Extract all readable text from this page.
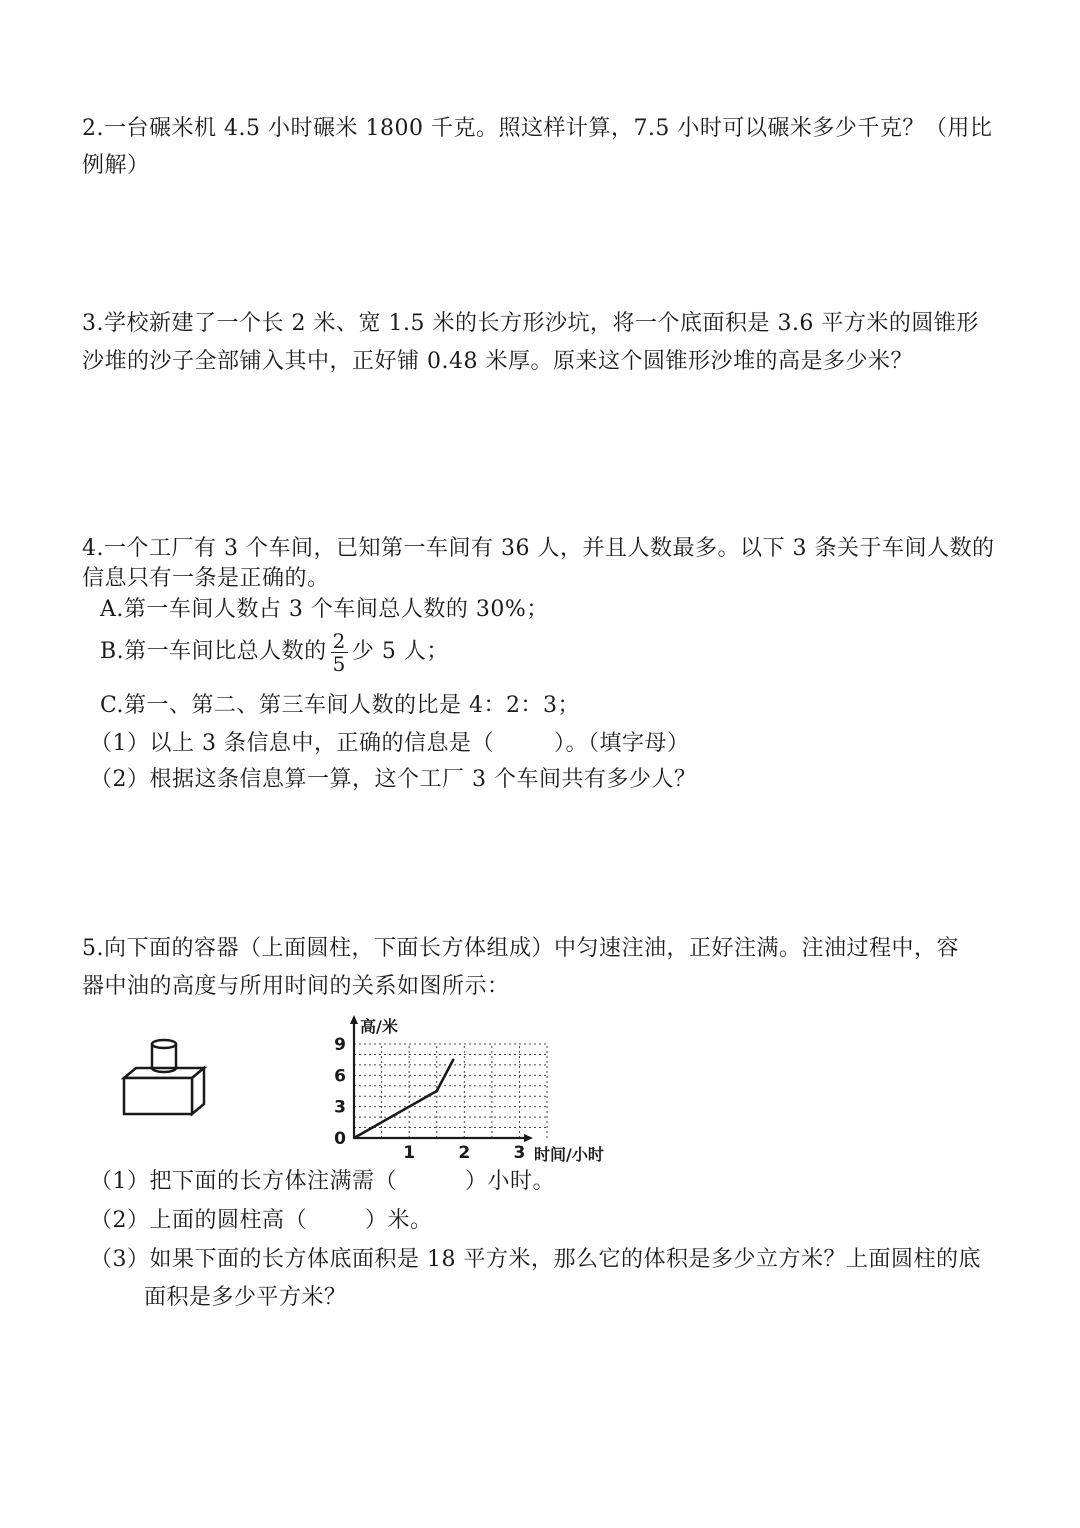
2.一台碾米机 4.5 小时碾米 1800 千克。照这样计算，7.5 小时可以碾米多少千克？（用比
例解）
3.学校新建了一个长 2 米、宽 1.5 米的长方形沙坑，将一个底面积是 3.6 平方米的圆锥形
沙堆的沙子全部铺入其中，正好铺 0.48 米厚。原来这个圆锥形沙堆的高是多少米？
4.一个工厂有 3 个车间，已知第一车间有 36 人，并且人数最多。以下 3 条关于车间人数的
信息只有一条是正确的。
A.第一车间人数占 3 个车间总人数的 30%；
B.第一车间比总人数的 $\frac{2}{5}$ 少 5 人；
C.第一、第二、第三车间人数的比是 4：2：3；
（1）以上 3 条信息中，正确的信息是（	）。（填字母）
（2）根据这条信息算一算，这个工厂 3 个车间共有多少人？
5.向下面的容器（上面圆柱，下面长方体组成）中匀速注油，正好注满。注油过程中，容
器中油的高度与所用时间的关系如图所示：
0
3
6
9
1	2	3
高/米
时间/小时
（1）把下面的长方体注满需（	）小时。
（2）上面的圆柱高（	）米。
（3）如果下面的长方体底面积是 18 平方米，那么它的体积是多少立方米？上面圆柱的底
面积是多少平方米？
